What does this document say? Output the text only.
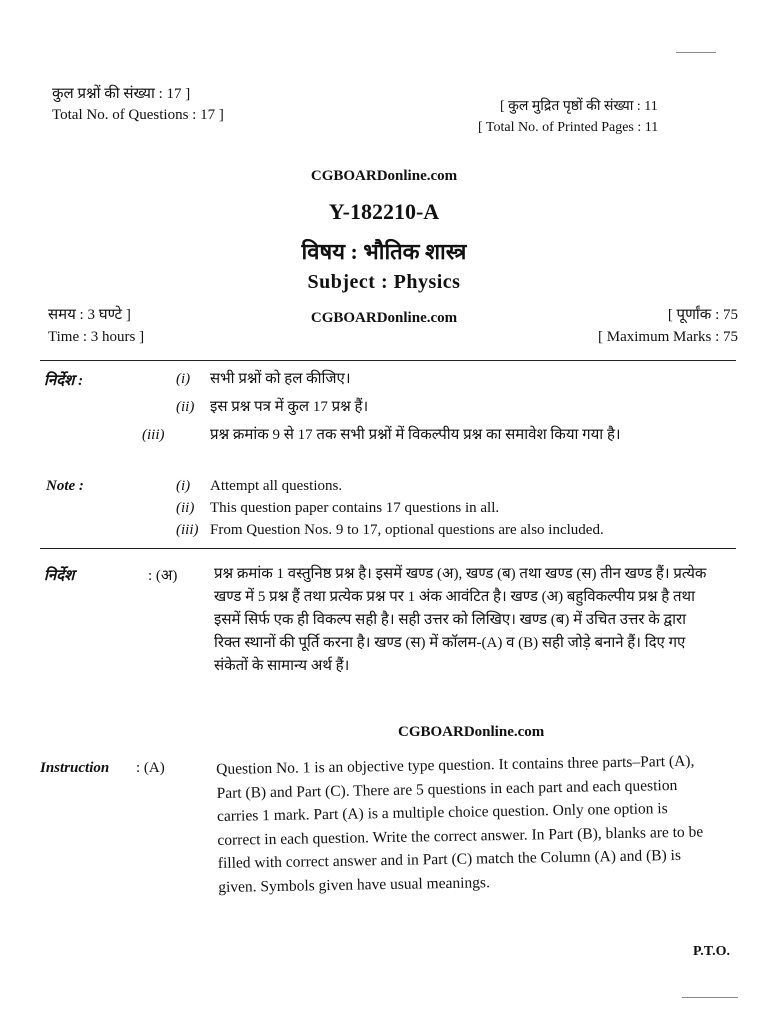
कुल प्रश्नों की संख्या : 17 ]
Total No. of Questions : 17 ]
[ कुल मुद्रित पृष्ठों की संख्या : 11
[ Total No. of Printed Pages : 11
CGBOARDonline.com
Y-182210-A
विषय : भौतिक शास्त्र
Subject : Physics
समय : 3 घण्टे ]
Time : 3 hours ]
CGBOARDonline.com	[ पूर्णांक : 75
[ Maximum Marks : 75
निर्देश :	(i) सभी प्रश्नों को हल कीजिए।
(ii) इस प्रश्न पत्र में कुल 17 प्रश्न हैं।
(iii)	प्रश्न क्रमांक 9 से 17 तक सभी प्रश्नों में विकल्पीय प्रश्न का समावेश किया गया है।
Note :	(i) Attempt all questions.
(ii) This question paper contains 17 questions in all.
(iii) From Question Nos. 9 to 17, optional questions are also included.
निर्देश	: (अ) प्रश्न क्रमांक 1 वस्तुनिष्ठ प्रश्न है। इसमें खण्ड (अ), खण्ड (ब) तथा खण्ड (स) तीन खण्ड हैं। प्रत्येक खण्ड में 5 प्रश्न हैं तथा प्रत्येक प्रश्न पर 1 अंक आवंटित है। खण्ड (अ) बहुविकल्पीय प्रश्न है तथा इसमें सिर्फ एक ही विकल्प सही है। सही उत्तर को लिखिए। खण्ड (ब) में उचित उत्तर के द्वारा रिक्त स्थानों की पूर्ति करना है। खण्ड (स) में कॉलम-(A) व (B) सही जोड़े बनाने हैं। दिए गए संकेतों के सामान्य अर्थ हैं।
CGBOARDonline.com
Instruction : (A)	Question No. 1 is an objective type question. It contains three parts–Part (A), Part (B) and Part (C). There are 5 questions in each part and each question carries 1 mark. Part (A) is a multiple choice question. Only one option is correct in each question. Write the correct answer. In Part (B), blanks are to be filled with correct answer and in Part (C) match the Column (A) and (B) is given. Symbols given have usual meanings.
P.T.O.
